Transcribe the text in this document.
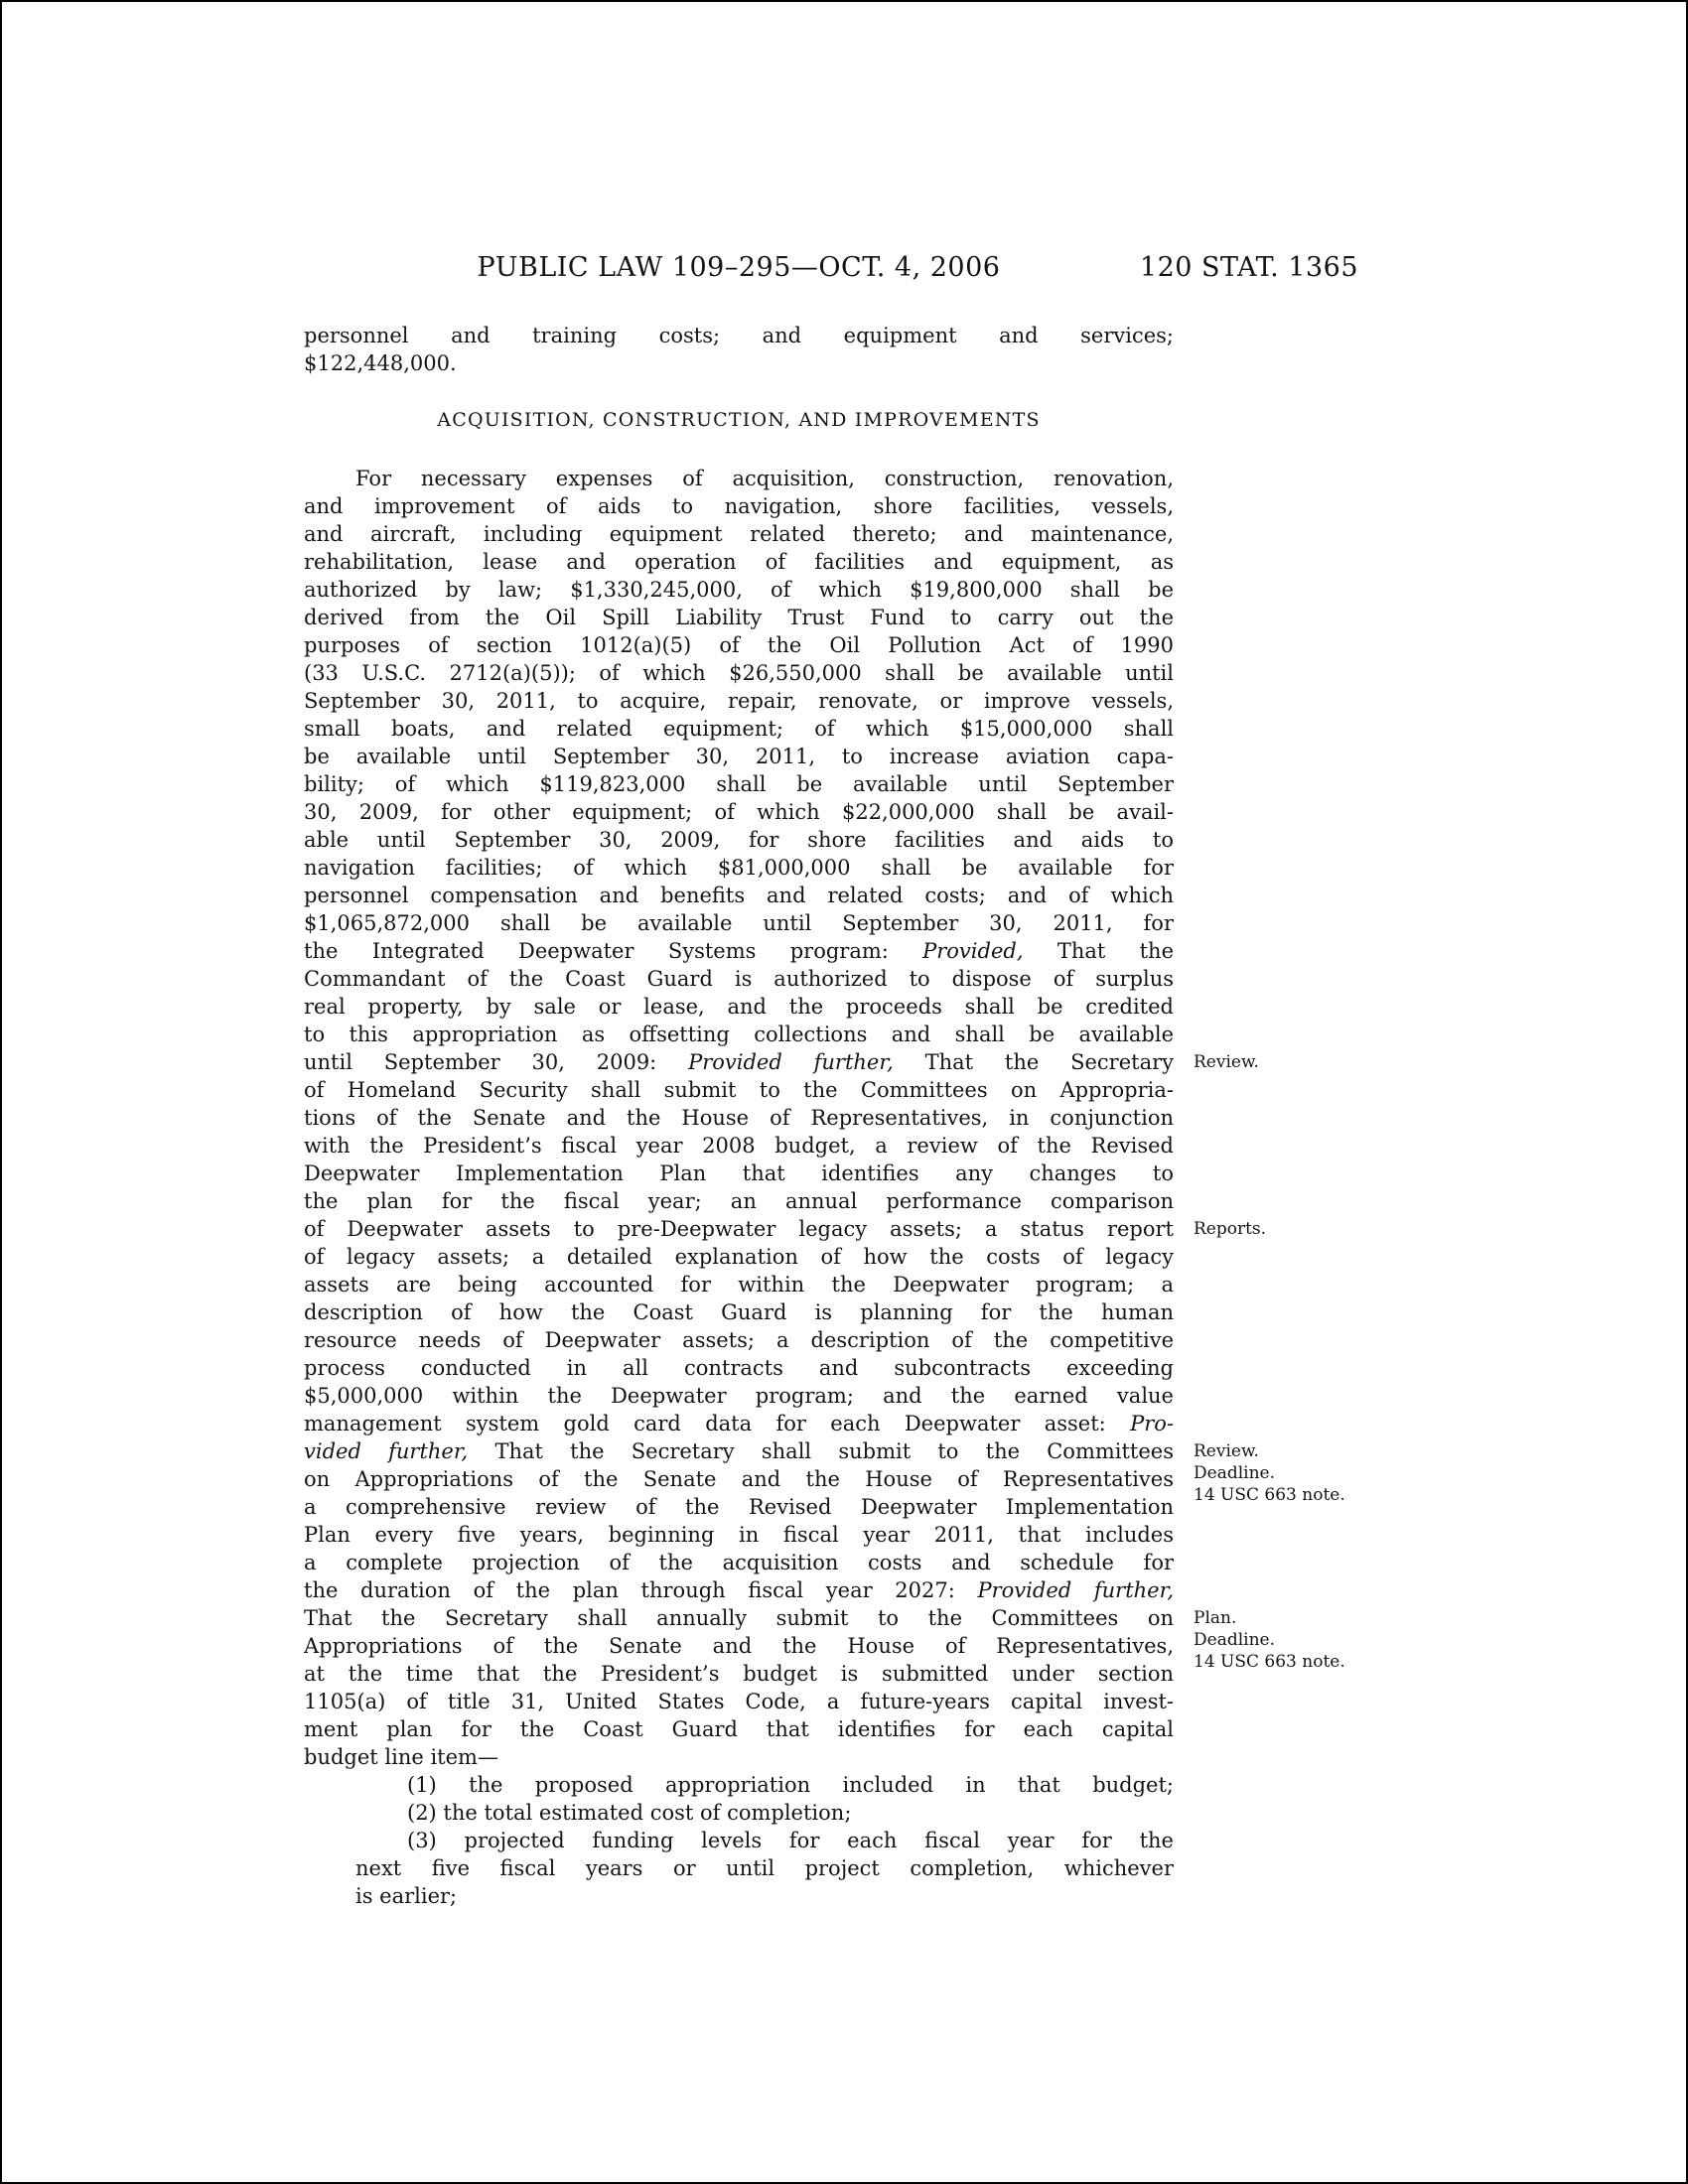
PUBLIC LAW 109–295—OCT. 4, 2006	120 STAT. 1365
personnel and training costs; and equipment and services;
$122,448,000.
ACQUISITION, CONSTRUCTION, AND IMPROVEMENTS
For necessary expenses of acquisition, construction, renovation,
and improvement of aids to navigation, shore facilities, vessels,
and aircraft, including equipment related thereto; and maintenance,
rehabilitation, lease and operation of facilities and equipment, as
authorized by law; $1,330,245,000, of which $19,800,000 shall be
derived from the Oil Spill Liability Trust Fund to carry out the
purposes of section 1012(a)(5) of the Oil Pollution Act of 1990
(33 U.S.C. 2712(a)(5)); of which $26,550,000 shall be available until
September 30, 2011, to acquire, repair, renovate, or improve vessels,
small boats, and related equipment; of which $15,000,000 shall
be available until September 30, 2011, to increase aviation capa-
bility; of which $119,823,000 shall be available until September
30, 2009, for other equipment; of which $22,000,000 shall be avail-
able until September 30, 2009, for shore facilities and aids to
navigation facilities; of which $81,000,000 shall be available for
personnel compensation and benefits and related costs; and of which
$1,065,872,000 shall be available until September 30, 2011, for
the Integrated Deepwater Systems program: Provided, That the
Commandant of the Coast Guard is authorized to dispose of surplus
real property, by sale or lease, and the proceeds shall be credited
to this appropriation as offsetting collections and shall be available
until September 30, 2009: Provided further, That the Secretary
of Homeland Security shall submit to the Committees on Appropria-
tions of the Senate and the House of Representatives, in conjunction
with the President’s fiscal year 2008 budget, a review of the Revised
Deepwater Implementation Plan that identifies any changes to
the plan for the fiscal year; an annual performance comparison
of Deepwater assets to pre-Deepwater legacy assets; a status report
of legacy assets; a detailed explanation of how the costs of legacy
assets are being accounted for within the Deepwater program; a
description of how the Coast Guard is planning for the human
resource needs of Deepwater assets; a description of the competitive
process conducted in all contracts and subcontracts exceeding
$5,000,000 within the Deepwater program; and the earned value
management system gold card data for each Deepwater asset: Pro-
vided further, That the Secretary shall submit to the Committees
on Appropriations of the Senate and the House of Representatives
a comprehensive review of the Revised Deepwater Implementation
Plan every five years, beginning in fiscal year 2011, that includes
a complete projection of the acquisition costs and schedule for
the duration of the plan through fiscal year 2027: Provided further,
That the Secretary shall annually submit to the Committees on
Appropriations of the Senate and the House of Representatives,
at the time that the President’s budget is submitted under section
1105(a) of title 31, United States Code, a future-years capital invest-
ment plan for the Coast Guard that identifies for each capital
budget line item—
(1) the proposed appropriation included in that budget;
(2) the total estimated cost of completion;
(3) projected funding levels for each fiscal year for the
next five fiscal years or until project completion, whichever
is earlier;
Review.
Reports.
Review.
Deadline.
14 USC 663 note.
Plan.
Deadline.
14 USC 663 note.
